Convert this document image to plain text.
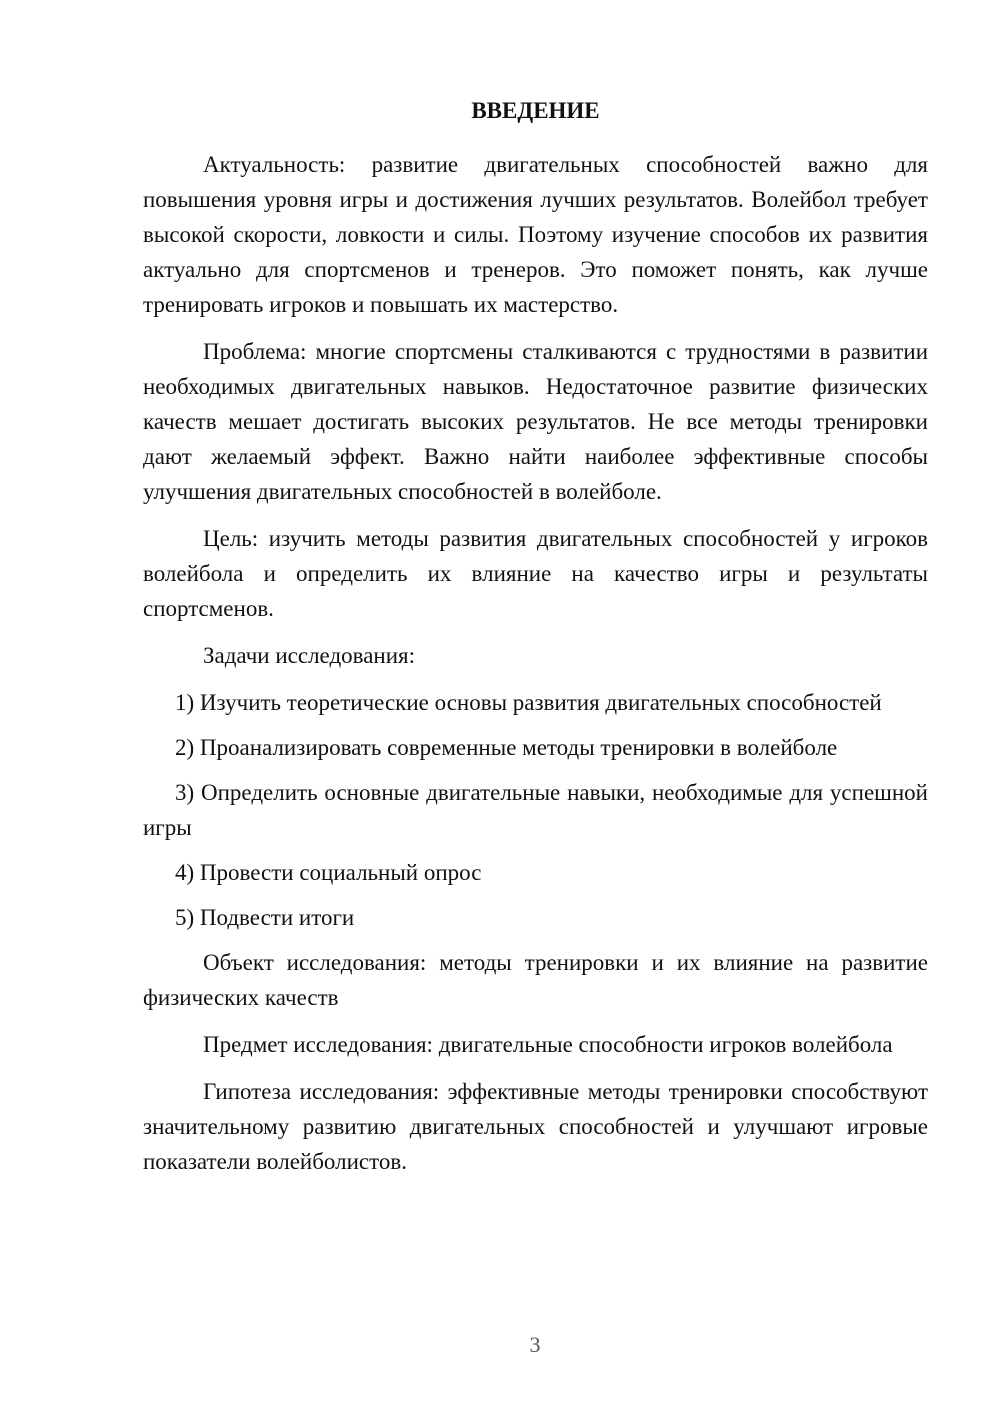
ВВЕДЕНИЕ

Актуальность: развитие двигательных способностей важно для повышения уровня игры и достижения лучших результатов. Волейбол требует высокой скорости, ловкости и силы. Поэтому изучение способов их развития актуально для спортсменов и тренеров. Это поможет понять, как лучше тренировать игроков и повышать их мастерство.

Проблема: многие спортсмены сталкиваются с трудностями в развитии необходимых двигательных навыков. Недостаточное развитие физических качеств мешает достигать высоких результатов. Не все методы тренировки дают желаемый эффект. Важно найти наиболее эффективные способы улучшения двигательных способностей в волейболе.

Цель: изучить методы развития двигательных способностей у игроков волейбола и определить их влияние на качество игры и результаты спортсменов.

Задачи исследования:

1) Изучить теоретические основы развития двигательных способностей

2) Проанализировать современные методы тренировки в волейболе

3) Определить основные двигательные навыки, необходимые для успешной игры

4) Провести социальный опрос

5) Подвести итоги

Объект исследования: методы тренировки и их влияние на развитие физических качеств

Предмет исследования: двигательные способности игроков волейбола

Гипотеза исследования: эффективные методы тренировки способствуют значительному развитию двигательных способностей и улучшают игровые показатели волейболистов.

3
